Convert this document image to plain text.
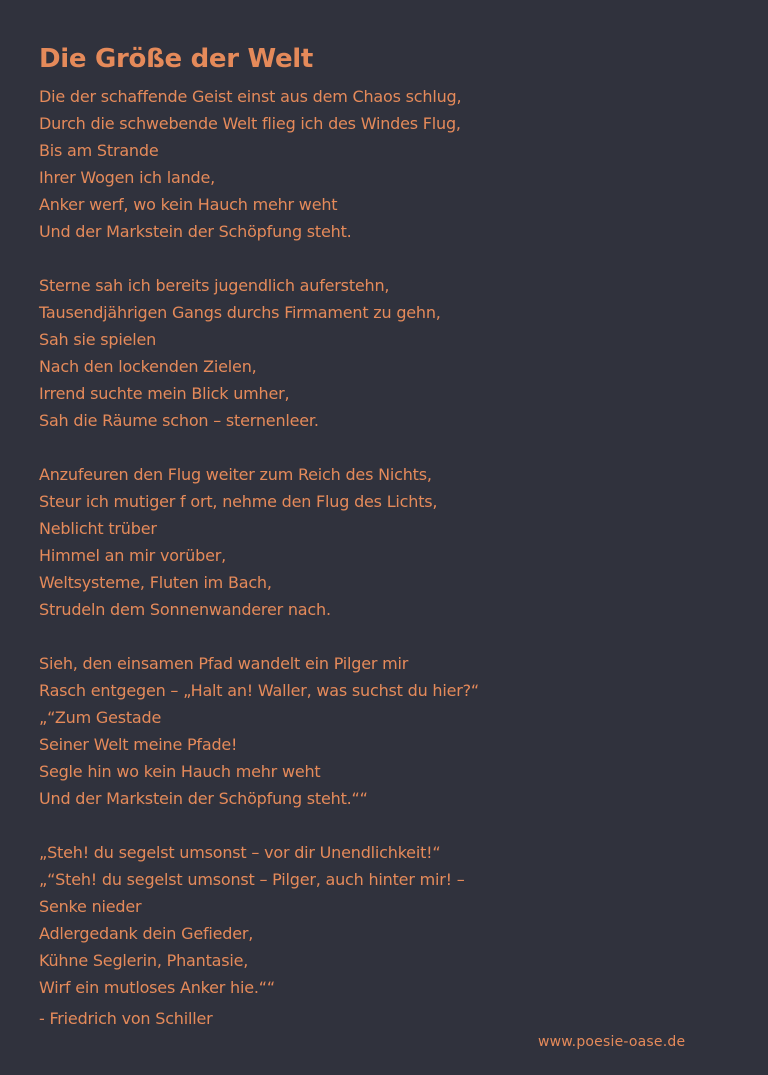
Die Größe der Welt
Die der schaffende Geist einst aus dem Chaos schlug,
Durch die schwebende Welt flieg ich des Windes Flug,
Bis am Strande
Ihrer Wogen ich lande,
Anker werf, wo kein Hauch mehr weht
Und der Markstein der Schöpfung steht.
Sterne sah ich bereits jugendlich auferstehn,
Tausendjährigen Gangs durchs Firmament zu gehn,
Sah sie spielen
Nach den lockenden Zielen,
Irrend suchte mein Blick umher,
Sah die Räume schon – sternenleer.
Anzufeuren den Flug weiter zum Reich des Nichts,
Steur ich mutiger f ort, nehme den Flug des Lichts,
Neblicht trüber
Himmel an mir vorüber,
Weltsysteme, Fluten im Bach,
Strudeln dem Sonnenwanderer nach.
Sieh, den einsamen Pfad wandelt ein Pilger mir
Rasch entgegen – „Halt an! Waller, was suchst du hier?“
„“Zum Gestade
Seiner Welt meine Pfade!
Segle hin wo kein Hauch mehr weht
Und der Markstein der Schöpfung steht.““
„Steh! du segelst umsonst – vor dir Unendlichkeit!“
„“Steh! du segelst umsonst – Pilger, auch hinter mir! –
Senke nieder
Adlergedank dein Gefieder,
Kühne Seglerin, Phantasie,
Wirf ein mutloses Anker hie.““
- Friedrich von Schiller
www.poesie-oase.de
